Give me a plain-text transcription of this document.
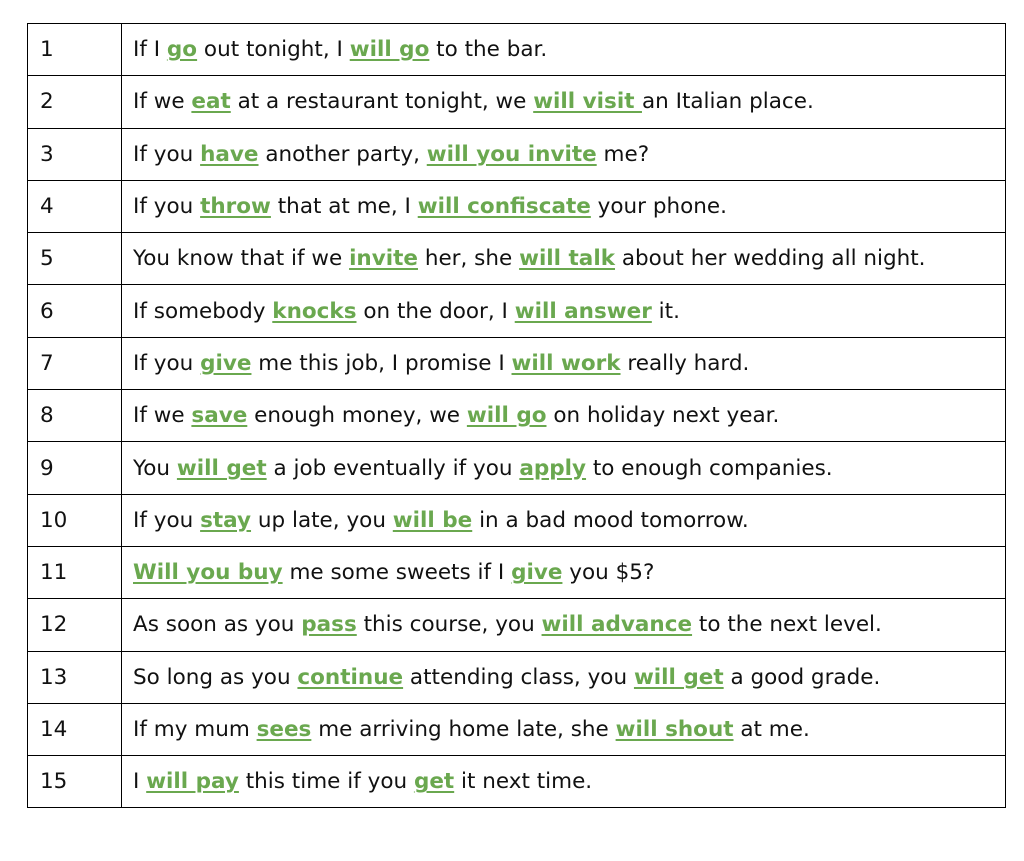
1	If I go out tonight, I will go to the bar.
2	If we eat at a restaurant tonight, we will visit an Italian place.
3	If you have another party, will you invite me?
4	If you throw that at me, I will confiscate your phone.
5	You know that if we invite her, she will talk about her wedding all night.
6	If somebody knocks on the door, I will answer it.
7	If you give me this job, I promise I will work really hard.
8	If we save enough money, we will go on holiday next year.
9	You will get a job eventually if you apply to enough companies.
10	If you stay up late, you will be in a bad mood tomorrow.
11	Will you buy me some sweets if I give you $5?
12	As soon as you pass this course, you will advance to the next level.
13	So long as you continue attending class, you will get a good grade.
14	If my mum sees me arriving home late, she will shout at me.
15	I will pay this time if you get it next time.
